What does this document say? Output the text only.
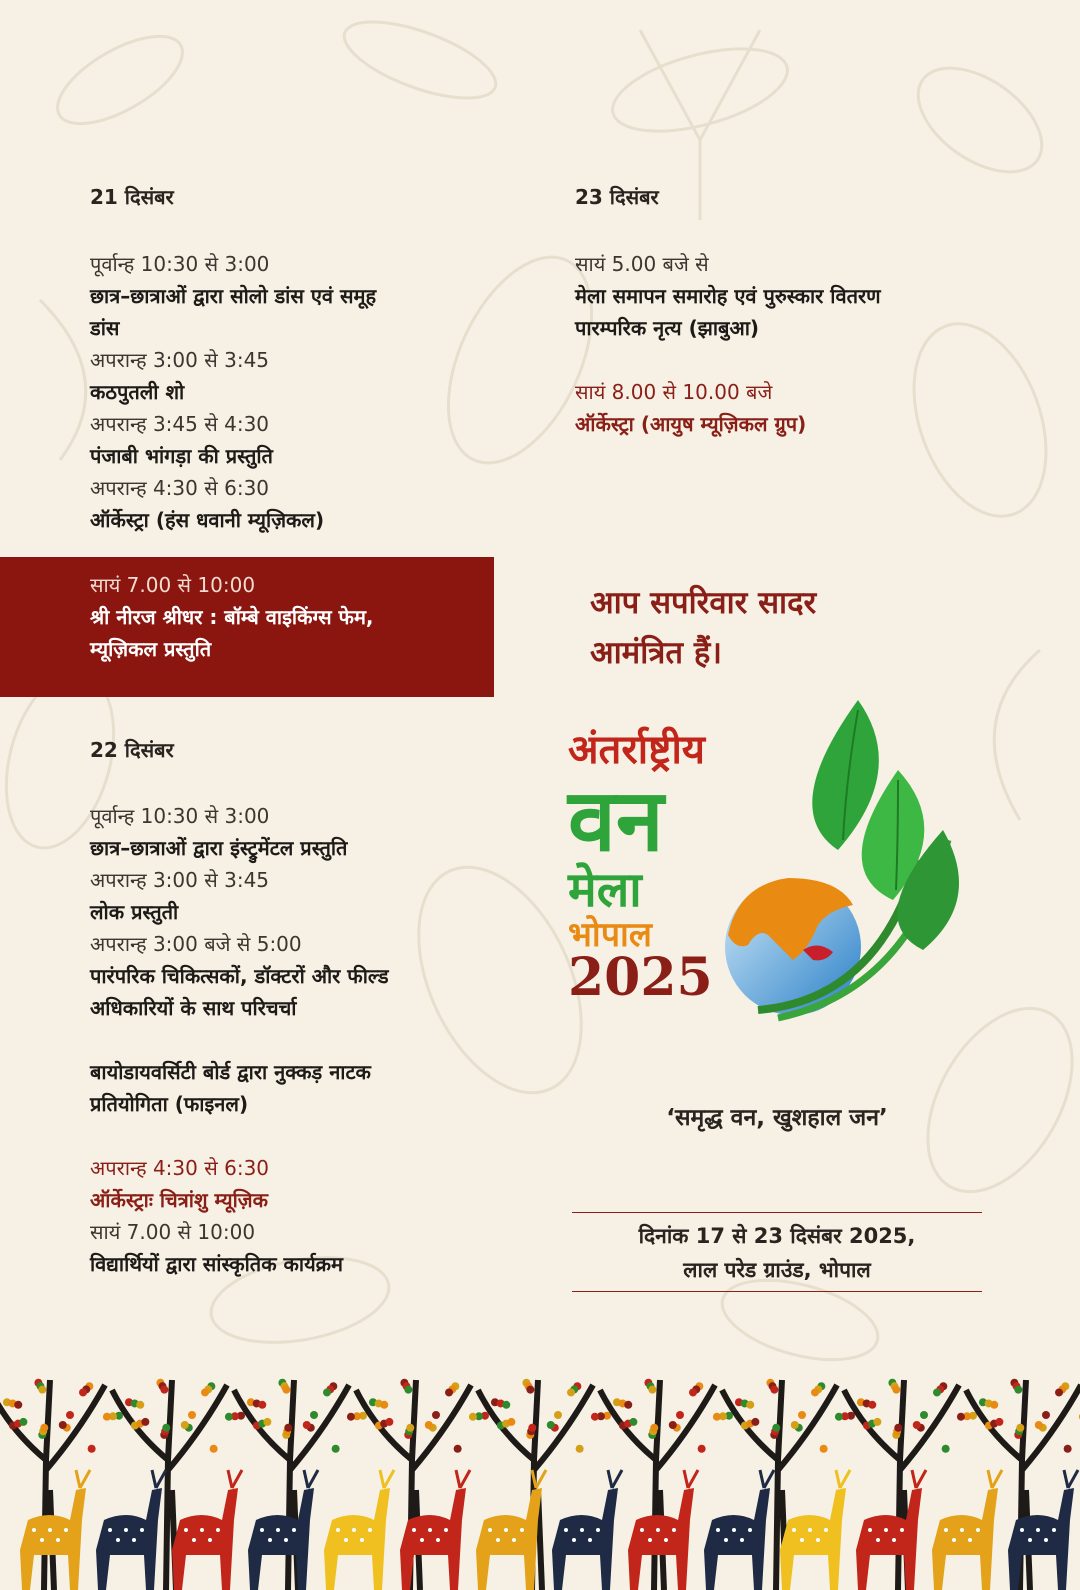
21 दिसंबर
पूर्वान्ह 10:30 से 3:00
छात्र–छात्राओं द्वारा सोलो डांस एवं समूह
डांस
अपरान्ह 3:00 से 3:45
कठपुतली शो
अपरान्ह 3:45 से 4:30
पंजाबी भांगड़ा की प्रस्तुति
अपरान्ह 4:30 से 6:30
ऑर्केस्ट्रा (हंस धवानी म्यूज़िकल)
सायं 7.00 से 10:00
श्री नीरज श्रीधर : बॉम्बे वाइकिंग्स फेम,
म्यूज़िकल प्रस्तुति
22 दिसंबर
पूर्वान्ह 10:30 से 3:00
छात्र–छात्राओं द्वारा इंस्ट्रुमेंटल प्रस्तुति
अपरान्ह 3:00 से 3:45
लोक प्रस्तुती
अपरान्ह 3:00 बजे से 5:00
पारंपरिक चिकित्सकों, डॉक्टरों और फील्ड
अधिकारियों के साथ परिचर्चा
बायोडायवर्सिटी बोर्ड द्वारा नुक्कड़ नाटक
प्रतियोगिता (फाइनल)
अपरान्ह 4:30 से 6:30
ऑर्केस्ट्राः चित्रांशु म्यूज़िक
सायं 7.00 से 10:00
विद्यार्थियों द्वारा सांस्कृतिक कार्यक्रम
23 दिसंबर
सायं 5.00 बजे से
मेला समापन समारोह एवं पुरुस्कार वितरण
पारम्परिक नृत्य (झाबुआ)
सायं 8.00 से 10.00 बजे
ऑर्केस्ट्रा (आयुष म्यूज़िकल ग्रुप)
आप सपरिवार सादर
आमंत्रित हैं।
अंतर्राष्ट्रीय
वन
मेला
भोपाल
2025
‘समृद्ध वन, खुशहाल जन’
दिनांक 17 से 23 दिसंबर 2025,
लाल परेड ग्राउंड, भोपाल
